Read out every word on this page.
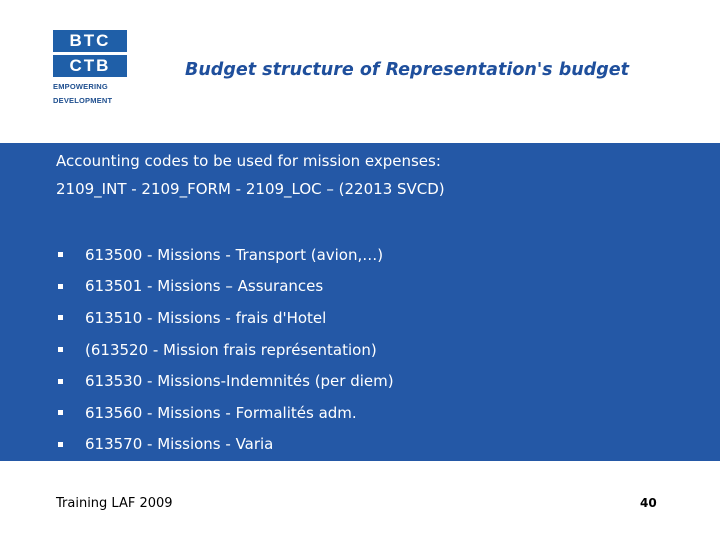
BTC
CTB
EMPOWERING
DEVELOPMENT
Budget structure of Representation's budget
Accounting codes to be used for mission expenses:
2109_INT - 2109_FORM - 2109_LOC – (22013 SVCD)
613500 - Missions - Transport (avion,…)
613501 - Missions – Assurances
613510 - Missions - frais d'Hotel
(613520 - Mission frais représentation)
613530 - Missions-Indemnités (per diem)
613560 - Missions - Formalités adm.
613570 - Missions - Varia
Training LAF 2009	40
